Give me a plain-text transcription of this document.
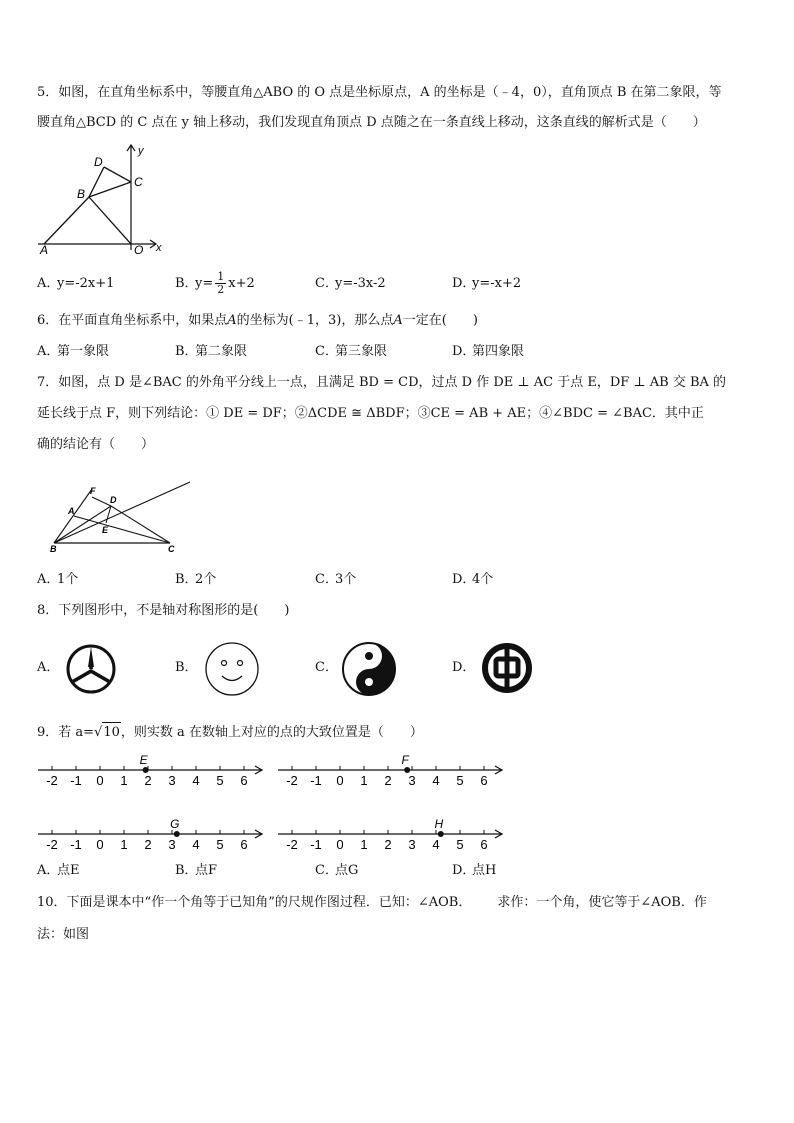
5．如图，在直角坐标系中，等腰直角△ABO 的 O 点是坐标原点，A 的坐标是（﹣4，0），直角顶点 B 在第二象限，等
腰直角△BCD 的 C 点在 y 轴上移动，我们发现直角顶点 D 点随之在一条直线上移动，这条直线的解析式是（　　）
D
B
C
A	O
y
x
A．y=-2x+1	B．$y= \frac{1}{2} x+2$	C．y=-3x-2	D．y=-x+2
6．在平面直角坐标系中，如果点A的坐标为(﹣1，3)，那么点A一定在(　　)
A．第一象限	B．第二象限	C．第三象限	D．第四象限
7．如图，点 D 是∠BAC 的外角平分线上一点，且满足 BD = CD，过点 D 作 DE ⊥ AC 于点 E，DF ⊥ AB 交 BA 的
延长线于点 F，则下列结论：① DE = DF；②ΔCDE ≅ ΔBDF；③CE = AB + AE；④∠BDC = ∠BAC．其中正
确的结论有（　　）
F
D
A
E
B	C
A．1个	B．2个	C．3个	D．4个
8．下列图形中，不是轴对称图形的是(　　)
A．	B．	C．	D．
9．若 a=√10，则实数 a 在数轴上对应的点的大致位置是（　　）
-2 -1 0 1 2 3 4 5 6
E
-2 -1 0 1 2 3 4 5 6
F
-2 -1 0 1 2 3 4 5 6
G
-2 -1 0 1 2 3 4 5 6
H
A．点E	B．点F	C．点G	D．点H
10．下面是课本中“作一个角等于已知角”的尺规作图过程．已知：∠AOB． 求作：一个角，使它等于∠AOB．作
法：如图
